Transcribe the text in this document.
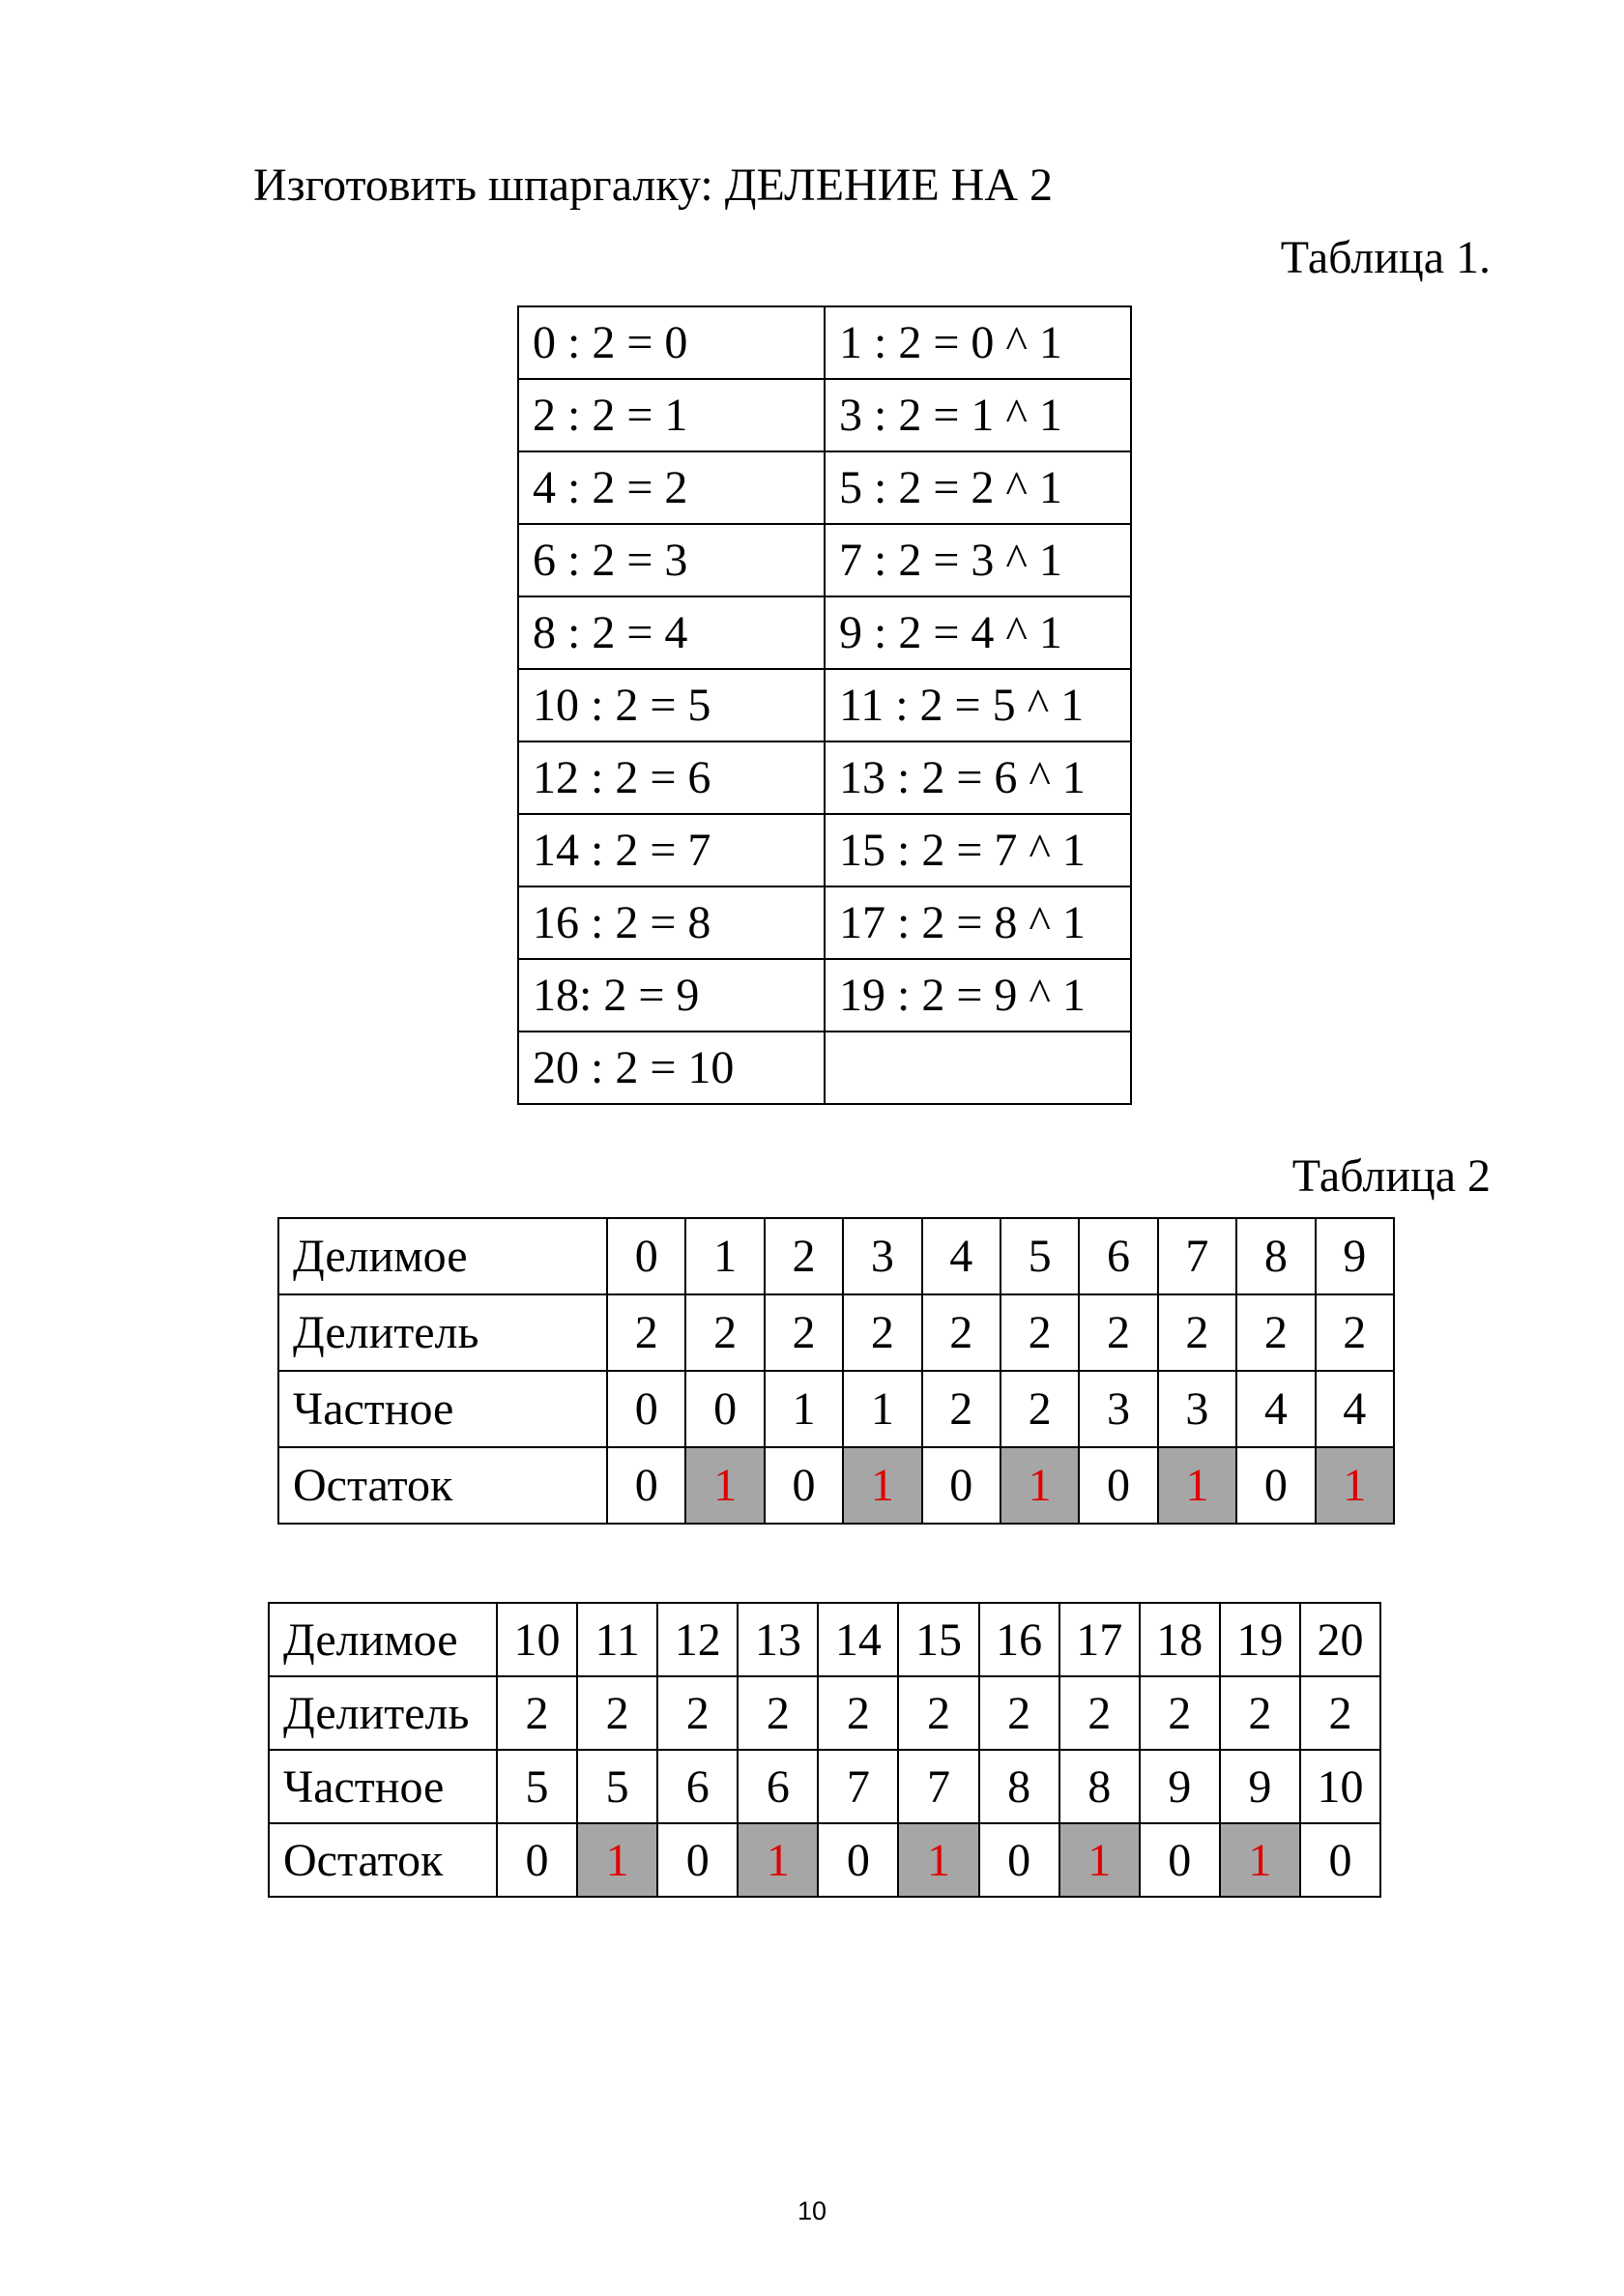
Изготовить шпаргалку: ДЕЛЕНИЕ НА 2
Таблица 1.
0 : 2 = 0	1 : 2 = 0 ^ 1
2 : 2 = 1	3 : 2 = 1 ^ 1
4 : 2 = 2	5 : 2 = 2 ^ 1
6 : 2 = 3	7 : 2 = 3 ^ 1
8 : 2 = 4	9 : 2 = 4 ^ 1
10 : 2 = 5	11 : 2 = 5 ^ 1
12 : 2 = 6	13 : 2 = 6 ^ 1
14 : 2 = 7	15 : 2 = 7 ^ 1
16 : 2 = 8	17 : 2 = 8 ^ 1
18: 2 = 9	19 : 2 = 9 ^ 1
20 : 2 = 10	
Таблица 2
Делимое	0	1	2	3	4	5	6	7	8	9
Делитель	2	2	2	2	2	2	2	2	2	2
Частное	0	0	1	1	2	2	3	3	4	4
Остаток	0	1	0	1	0	1	0	1	0	1
Делимое	10	11	12	13	14	15	16	17	18	19	20
Делитель	2	2	2	2	2	2	2	2	2	2	2
Частное	5	5	6	6	7	7	8	8	9	9	10
Остаток	0	1	0	1	0	1	0	1	0	1	0
10
